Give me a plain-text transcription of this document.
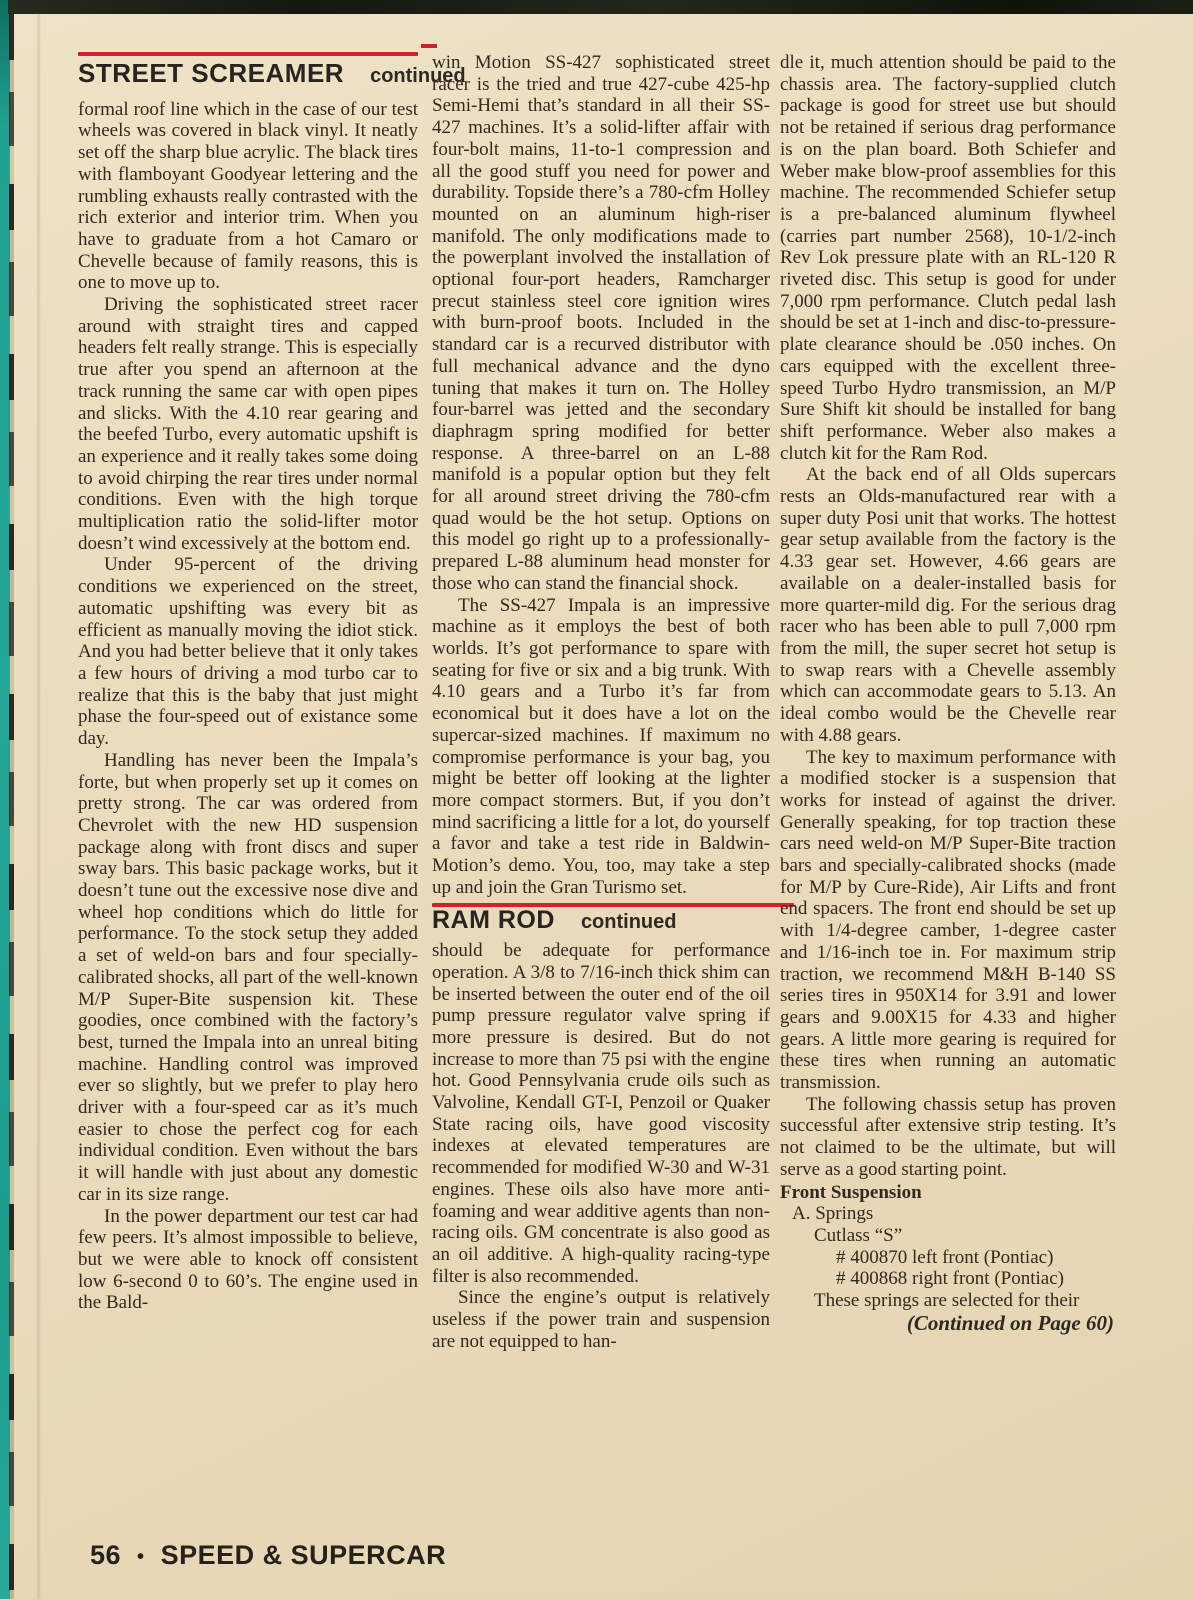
STREET SCREAMER continued

formal roof line which in the case of our test wheels was covered in black vinyl. It neatly set off the sharp blue acrylic. The black tires with flamboyant Goodyear lettering and the rumbling exhausts really contrasted with the rich exterior and interior trim. When you have to graduate from a hot Camaro or Chevelle because of family reasons, this is one to move up to.

Driving the sophisticated street racer around with straight tires and capped headers felt really strange. This is especially true after you spend an afternoon at the track running the same car with open pipes and slicks. With the 4.10 rear gearing and the beefed Turbo, every automatic upshift is an experience and it really takes some doing to avoid chirping the rear tires under normal conditions. Even with the high torque multiplication ratio the solid-lifter motor doesn’t wind excessively at the bottom end.

Under 95-percent of the driving conditions we experienced on the street, automatic upshifting was every bit as efficient as manually moving the idiot stick. And you had better believe that it only takes a few hours of driving a mod turbo car to realize that this is the baby that just might phase the four-speed out of existance some day.

Handling has never been the Impala’s forte, but when properly set up it comes on pretty strong. The car was ordered from Chevrolet with the new HD suspension package along with front discs and super sway bars. This basic package works, but it doesn’t tune out the excessive nose dive and wheel hop conditions which do little for performance. To the stock setup they added a set of weld-on bars and four specially-calibrated shocks, all part of the well-known M/P Super-Bite suspension kit. These goodies, once combined with the factory’s best, turned the Impala into an unreal biting machine. Handling control was improved ever so slightly, but we prefer to play hero driver with a four-speed car as it’s much easier to chose the perfect cog for each individual condition. Even without the bars it will handle with just about any domestic car in its size range.

In the power department our test car had few peers. It’s almost impossible to believe, but we were able to knock off consistent low 6-second 0 to 60’s. The engine used in the Bald-

win Motion SS-427 sophisticated street racer is the tried and true 427-cube 425-hp Semi-Hemi that’s standard in all their SS-427 machines. It’s a solid-lifter affair with four-bolt mains, 11-to-1 compression and all the good stuff you need for power and durability. Topside there’s a 780-cfm Holley mounted on an aluminum high-riser manifold. The only modifications made to the powerplant involved the installation of optional four-port headers, Ramcharger precut stainless steel core ignition wires with burn-proof boots. Included in the standard car is a recurved distributor with full mechanical advance and the dyno tuning that makes it turn on. The Holley four-barrel was jetted and the secondary diaphragm spring modified for better response. A three-barrel on an L-88 manifold is a popular option but they felt for all around street driving the 780-cfm quad would be the hot setup. Options on this model go right up to a professionally-prepared L-88 aluminum head monster for those who can stand the financial shock.

The SS-427 Impala is an impressive machine as it employs the best of both worlds. It’s got performance to spare with seating for five or six and a big trunk. With 4.10 gears and a Turbo it’s far from economical but it does have a lot on the supercar-sized machines. If maximum no compromise performance is your bag, you might be better off looking at the lighter more compact stormers. But, if you don’t mind sacrificing a little for a lot, do yourself a favor and take a test ride in Baldwin-Motion’s demo. You, too, may take a step up and join the Gran Turismo set.

RAM ROD continued

should be adequate for performance operation. A 3/8 to 7/16-inch thick shim can be inserted between the outer end of the oil pump pressure regulator valve spring if more pressure is desired. But do not increase to more than 75 psi with the engine hot. Good Pennsylvania crude oils such as Valvoline, Kendall GT-I, Penzoil or Quaker State racing oils, have good viscosity indexes at elevated temperatures are recommended for modified W-30 and W-31 engines. These oils also have more anti-foaming and wear additive agents than non-racing oils. GM concentrate is also good as an oil additive. A high-quality racing-type filter is also recommended.

Since the engine’s output is relatively useless if the power train and suspension are not equipped to han-

dle it, much attention should be paid to the chassis area. The factory-supplied clutch package is good for street use but should not be retained if serious drag performance is on the plan board. Both Schiefer and Weber make blow-proof assemblies for this machine. The recommended Schiefer setup is a pre-balanced aluminum flywheel (carries part number 2568), 10-1/2-inch Rev Lok pressure plate with an RL-120 R riveted disc. This setup is good for under 7,000 rpm performance. Clutch pedal lash should be set at 1-inch and disc-to-pressure-plate clearance should be .050 inches. On cars equipped with the excellent three-speed Turbo Hydro transmission, an M/P Sure Shift kit should be installed for bang shift performance. Weber also makes a clutch kit for the Ram Rod.

At the back end of all Olds supercars rests an Olds-manufactured rear with a super duty Posi unit that works. The hottest gear setup available from the factory is the 4.33 gear set. However, 4.66 gears are available on a dealer-installed basis for more quarter-mild dig. For the serious drag racer who has been able to pull 7,000 rpm from the mill, the super secret hot setup is to swap rears with a Chevelle assembly which can accommodate gears to 5.13. An ideal combo would be the Chevelle rear with 4.88 gears.

The key to maximum performance with a modified stocker is a suspension that works for instead of against the driver. Generally speaking, for top traction these cars need weld-on M/P Super-Bite traction bars and specially-calibrated shocks (made for M/P by Cure-Ride), Air Lifts and front end spacers. The front end should be set up with 1/4-degree camber, 1-degree caster and 1/16-inch toe in. For maximum strip traction, we recommend M&H B-140 SS series tires in 950X14 for 3.91 and lower gears and 9.00X15 for 4.33 and higher gears. A little more gearing is required for these tires when running an automatic transmission.

The following chassis setup has proven successful after extensive strip testing. It’s not claimed to be the ultimate, but will serve as a good starting point.

Front Suspension
A. Springs
Cutlass “S”
# 400870 left front (Pontiac)
# 400868 right front (Pontiac)
These springs are selected for their
(Continued on Page 60)
56 • SPEED & SUPERCAR
